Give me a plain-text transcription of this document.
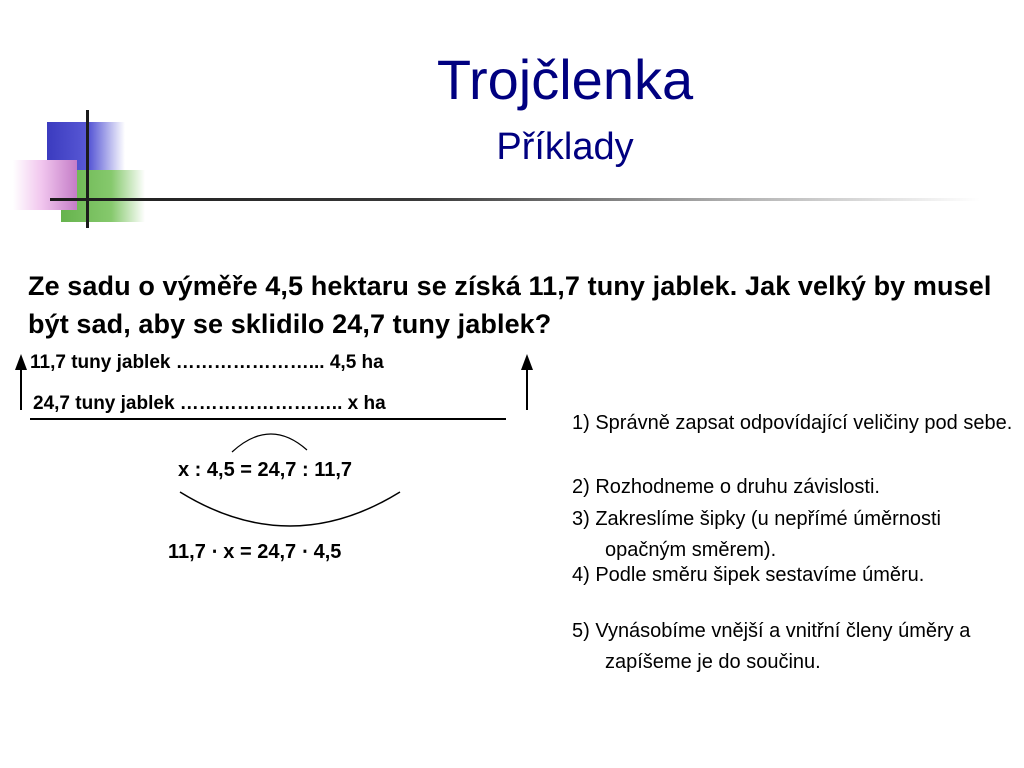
Trojčlenka
Příklady
Ze sadu o výměře 4,5 hektaru se získá 11,7 tuny jablek. Jak velký by musel být sad, aby se sklidilo 24,7 tuny jablek?
11,7 tuny jablek …………………... 4,5 ha
24,7 tuny jablek …………………….. x ha
x : 4,5 = 24,7 : 11,7
11,7 ⋅ x = 24,7 ⋅ 4,5
1) Správně zapsat odpovídající veličiny pod sebe.
2) Rozhodneme o druhu závislosti.
3) Zakreslíme šipky (u nepřímé úměrnosti opačným směrem).
4) Podle směru šipek sestavíme úměru.
5) Vynásobíme vnější a vnitřní členy úměry a zapíšeme je do součinu.
